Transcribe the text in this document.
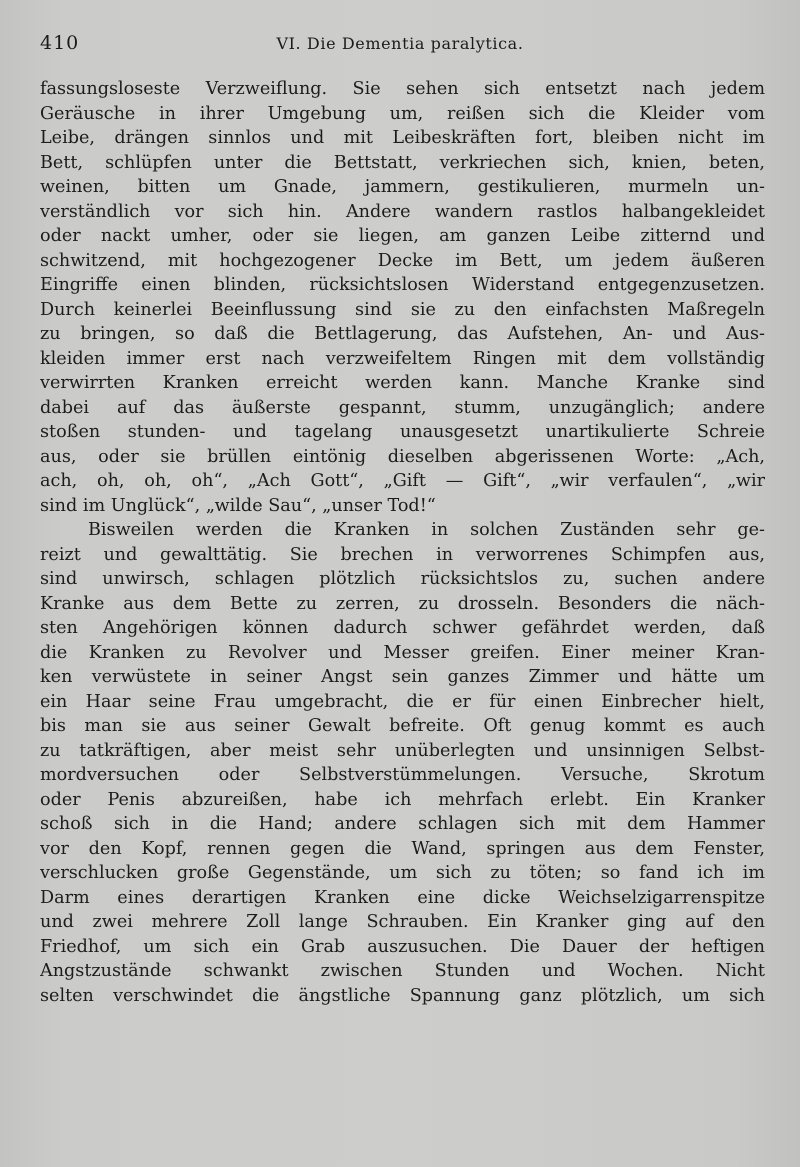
410	VI. Die Dementia paralytica.
fassungsloseste Verzweiflung. Sie sehen sich entsetzt nach jedem
Geräusche in ihrer Umgebung um, reißen sich die Kleider vom
Leibe, drängen sinnlos und mit Leibeskräften fort, bleiben nicht im
Bett, schlüpfen unter die Bettstatt, verkriechen sich, knien, beten,
weinen, bitten um Gnade, jammern, gestikulieren, murmeln un-
verständlich vor sich hin. Andere wandern rastlos halbangekleidet
oder nackt umher, oder sie liegen, am ganzen Leibe zitternd und
schwitzend, mit hochgezogener Decke im Bett, um jedem äußeren
Eingriffe einen blinden, rücksichtslosen Widerstand entgegenzusetzen.
Durch keinerlei Beeinflussung sind sie zu den einfachsten Maßregeln
zu bringen, so daß die Bettlagerung, das Aufstehen, An- und Aus-
kleiden immer erst nach verzweifeltem Ringen mit dem vollständig
verwirrten Kranken erreicht werden kann. Manche Kranke sind
dabei auf das äußerste gespannt, stumm, unzugänglich; andere
stoßen stunden- und tagelang unausgesetzt unartikulierte Schreie
aus, oder sie brüllen eintönig dieselben abgerissenen Worte: „Ach,
ach, oh, oh, oh“, „Ach Gott“, „Gift — Gift“, „wir verfaulen“, „wir
sind im Unglück“, „wilde Sau“, „unser Tod!“
Bisweilen werden die Kranken in solchen Zuständen sehr ge-
reizt und gewalttätig. Sie brechen in verworrenes Schimpfen aus,
sind unwirsch, schlagen plötzlich rücksichtslos zu, suchen andere
Kranke aus dem Bette zu zerren, zu drosseln. Besonders die näch-
sten Angehörigen können dadurch schwer gefährdet werden, daß
die Kranken zu Revolver und Messer greifen. Einer meiner Kran-
ken verwüstete in seiner Angst sein ganzes Zimmer und hätte um
ein Haar seine Frau umgebracht, die er für einen Einbrecher hielt,
bis man sie aus seiner Gewalt befreite. Oft genug kommt es auch
zu tatkräftigen, aber meist sehr unüberlegten und unsinnigen Selbst-
mordversuchen oder Selbstverstümmelungen. Versuche, Skrotum
oder Penis abzureißen, habe ich mehrfach erlebt. Ein Kranker
schoß sich in die Hand; andere schlagen sich mit dem Hammer
vor den Kopf, rennen gegen die Wand, springen aus dem Fenster,
verschlucken große Gegenstände, um sich zu töten; so fand ich im
Darm eines derartigen Kranken eine dicke Weichselzigarrenspitze
und zwei mehrere Zoll lange Schrauben. Ein Kranker ging auf den
Friedhof, um sich ein Grab auszusuchen. Die Dauer der heftigen
Angstzustände schwankt zwischen Stunden und Wochen. Nicht
selten verschwindet die ängstliche Spannung ganz plötzlich, um sich
